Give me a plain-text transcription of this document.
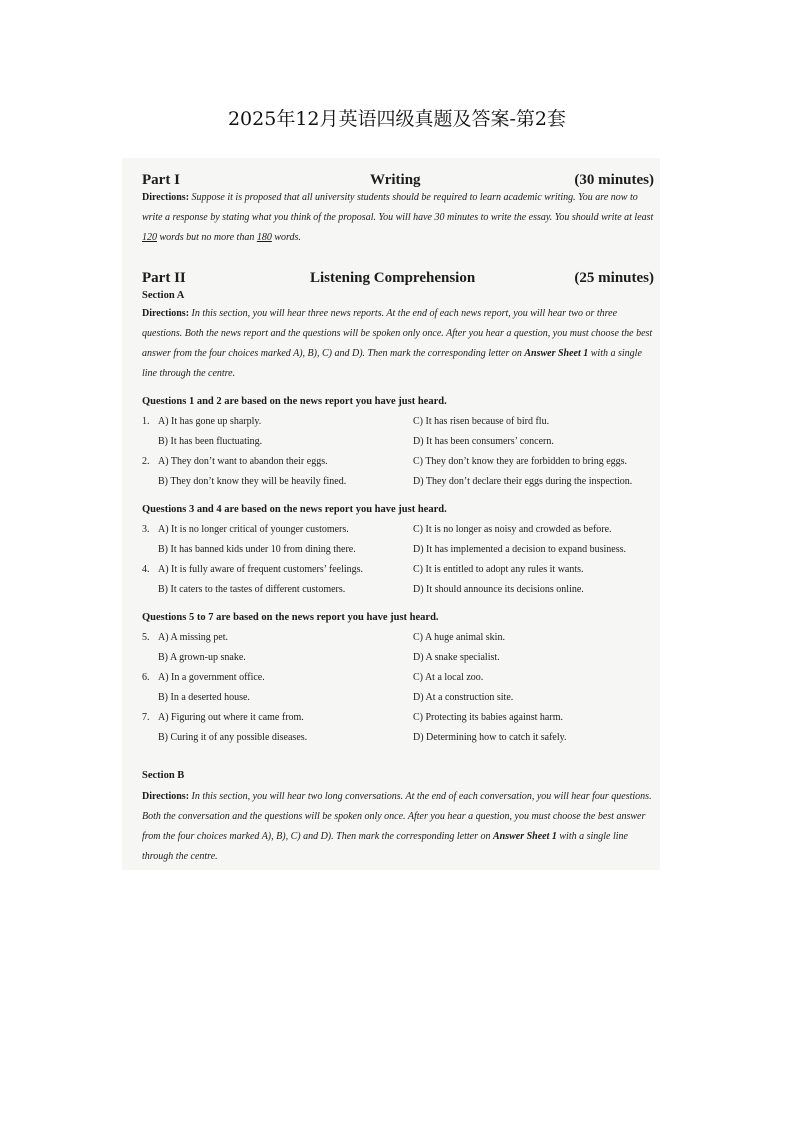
2025年12月英语四级真题及答案-第2套
Part I	Writing	(30 minutes)
Directions: Suppose it is proposed that all university students should be required to learn academic writing. You are now to write a response by stating what you think of the proposal. You will have 30 minutes to write the essay. You should write at least 120 words but no more than 180 words.
Part II	Listening Comprehension	(25 minutes)
Section A
Directions: In this section, you will hear three news reports. At the end of each news report, you will hear two or three questions. Both the news report and the questions will be spoken only once. After you hear a question, you must choose the best answer from the four choices marked A), B), C) and D). Then mark the corresponding letter on Answer Sheet 1 with a single line through the centre.
Questions 1 and 2 are based on the news report you have just heard.
1. A) It has gone up sharply.	C) It has risen because of bird flu.
B) It has been fluctuating.	D) It has been consumers’ concern.
2. A) They don’t want to abandon their eggs.	C) They don’t know they are forbidden to bring eggs.
B) They don’t know they will be heavily fined.	D) They don’t declare their eggs during the inspection.
Questions 3 and 4 are based on the news report you have just heard.
3. A) It is no longer critical of younger customers.	C) It is no longer as noisy and crowded as before.
B) It has banned kids under 10 from dining there.	D) It has implemented a decision to expand business.
4. A) It is fully aware of frequent customers’ feelings.	C) It is entitled to adopt any rules it wants.
B) It caters to the tastes of different customers.	D) It should announce its decisions online.
Questions 5 to 7 are based on the news report you have just heard.
5. A) A missing pet.	C) A huge animal skin.
B) A grown-up snake.	D) A snake specialist.
6. A) In a government office.	C) At a local zoo.
B) In a deserted house.	D) At a construction site.
7. A) Figuring out where it came from.	C) Protecting its babies against harm.
B) Curing it of any possible diseases.	D) Determining how to catch it safely.
Section B
Directions: In this section, you will hear two long conversations. At the end of each conversation, you will hear four questions. Both the conversation and the questions will be spoken only once. After you hear a question, you must choose the best answer from the four choices marked A), B), C) and D). Then mark the corresponding letter on Answer Sheet 1 with a single line through the centre.
